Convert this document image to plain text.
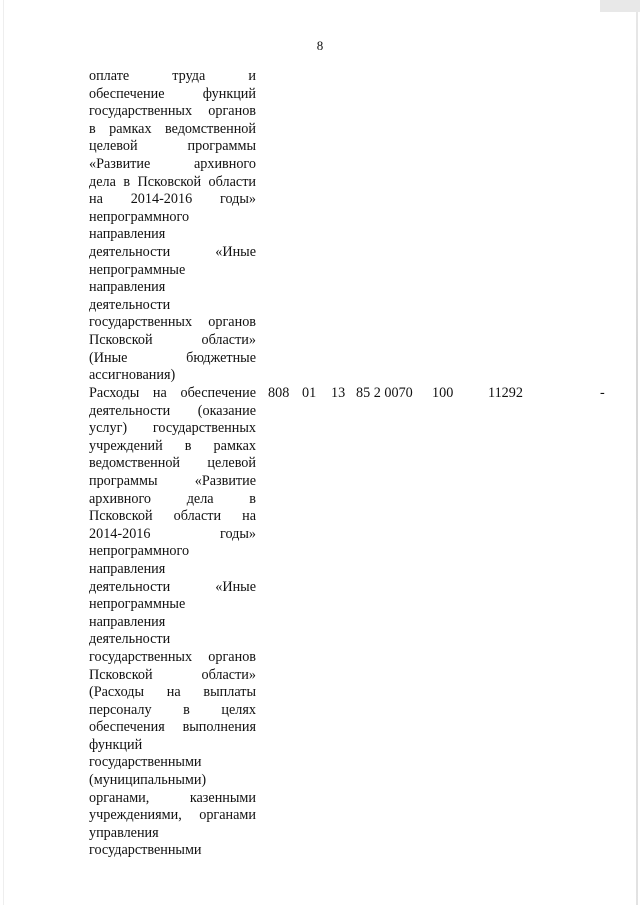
8
оплате труда и
обеспечение функций
государственных органов
в рамках ведомственной
целевой программы
«Развитие архивного
дела в Псковской области
на 2014-2016 годы»
непрограммного
направления
деятельности «Иные
непрограммные
направления
деятельности
государственных органов
Псковской области»
(Иные бюджетные
ассигнования)
Расходы на обеспечение
деятельности (оказание
услуг) государственных
учреждений в рамках
ведомственной целевой
программы «Развитие
архивного дела в
Псковской области на
2014-2016 годы»
непрограммного
направления
деятельности «Иные
непрограммные
направления
деятельности
государственных органов
Псковской области»
(Расходы на выплаты
персоналу в целях
обеспечения выполнения
функций
государственными
(муниципальными)
органами, казенными
учреждениями, органами
управления
государственными
808 01 13 85 2 0070 100 11292	-
